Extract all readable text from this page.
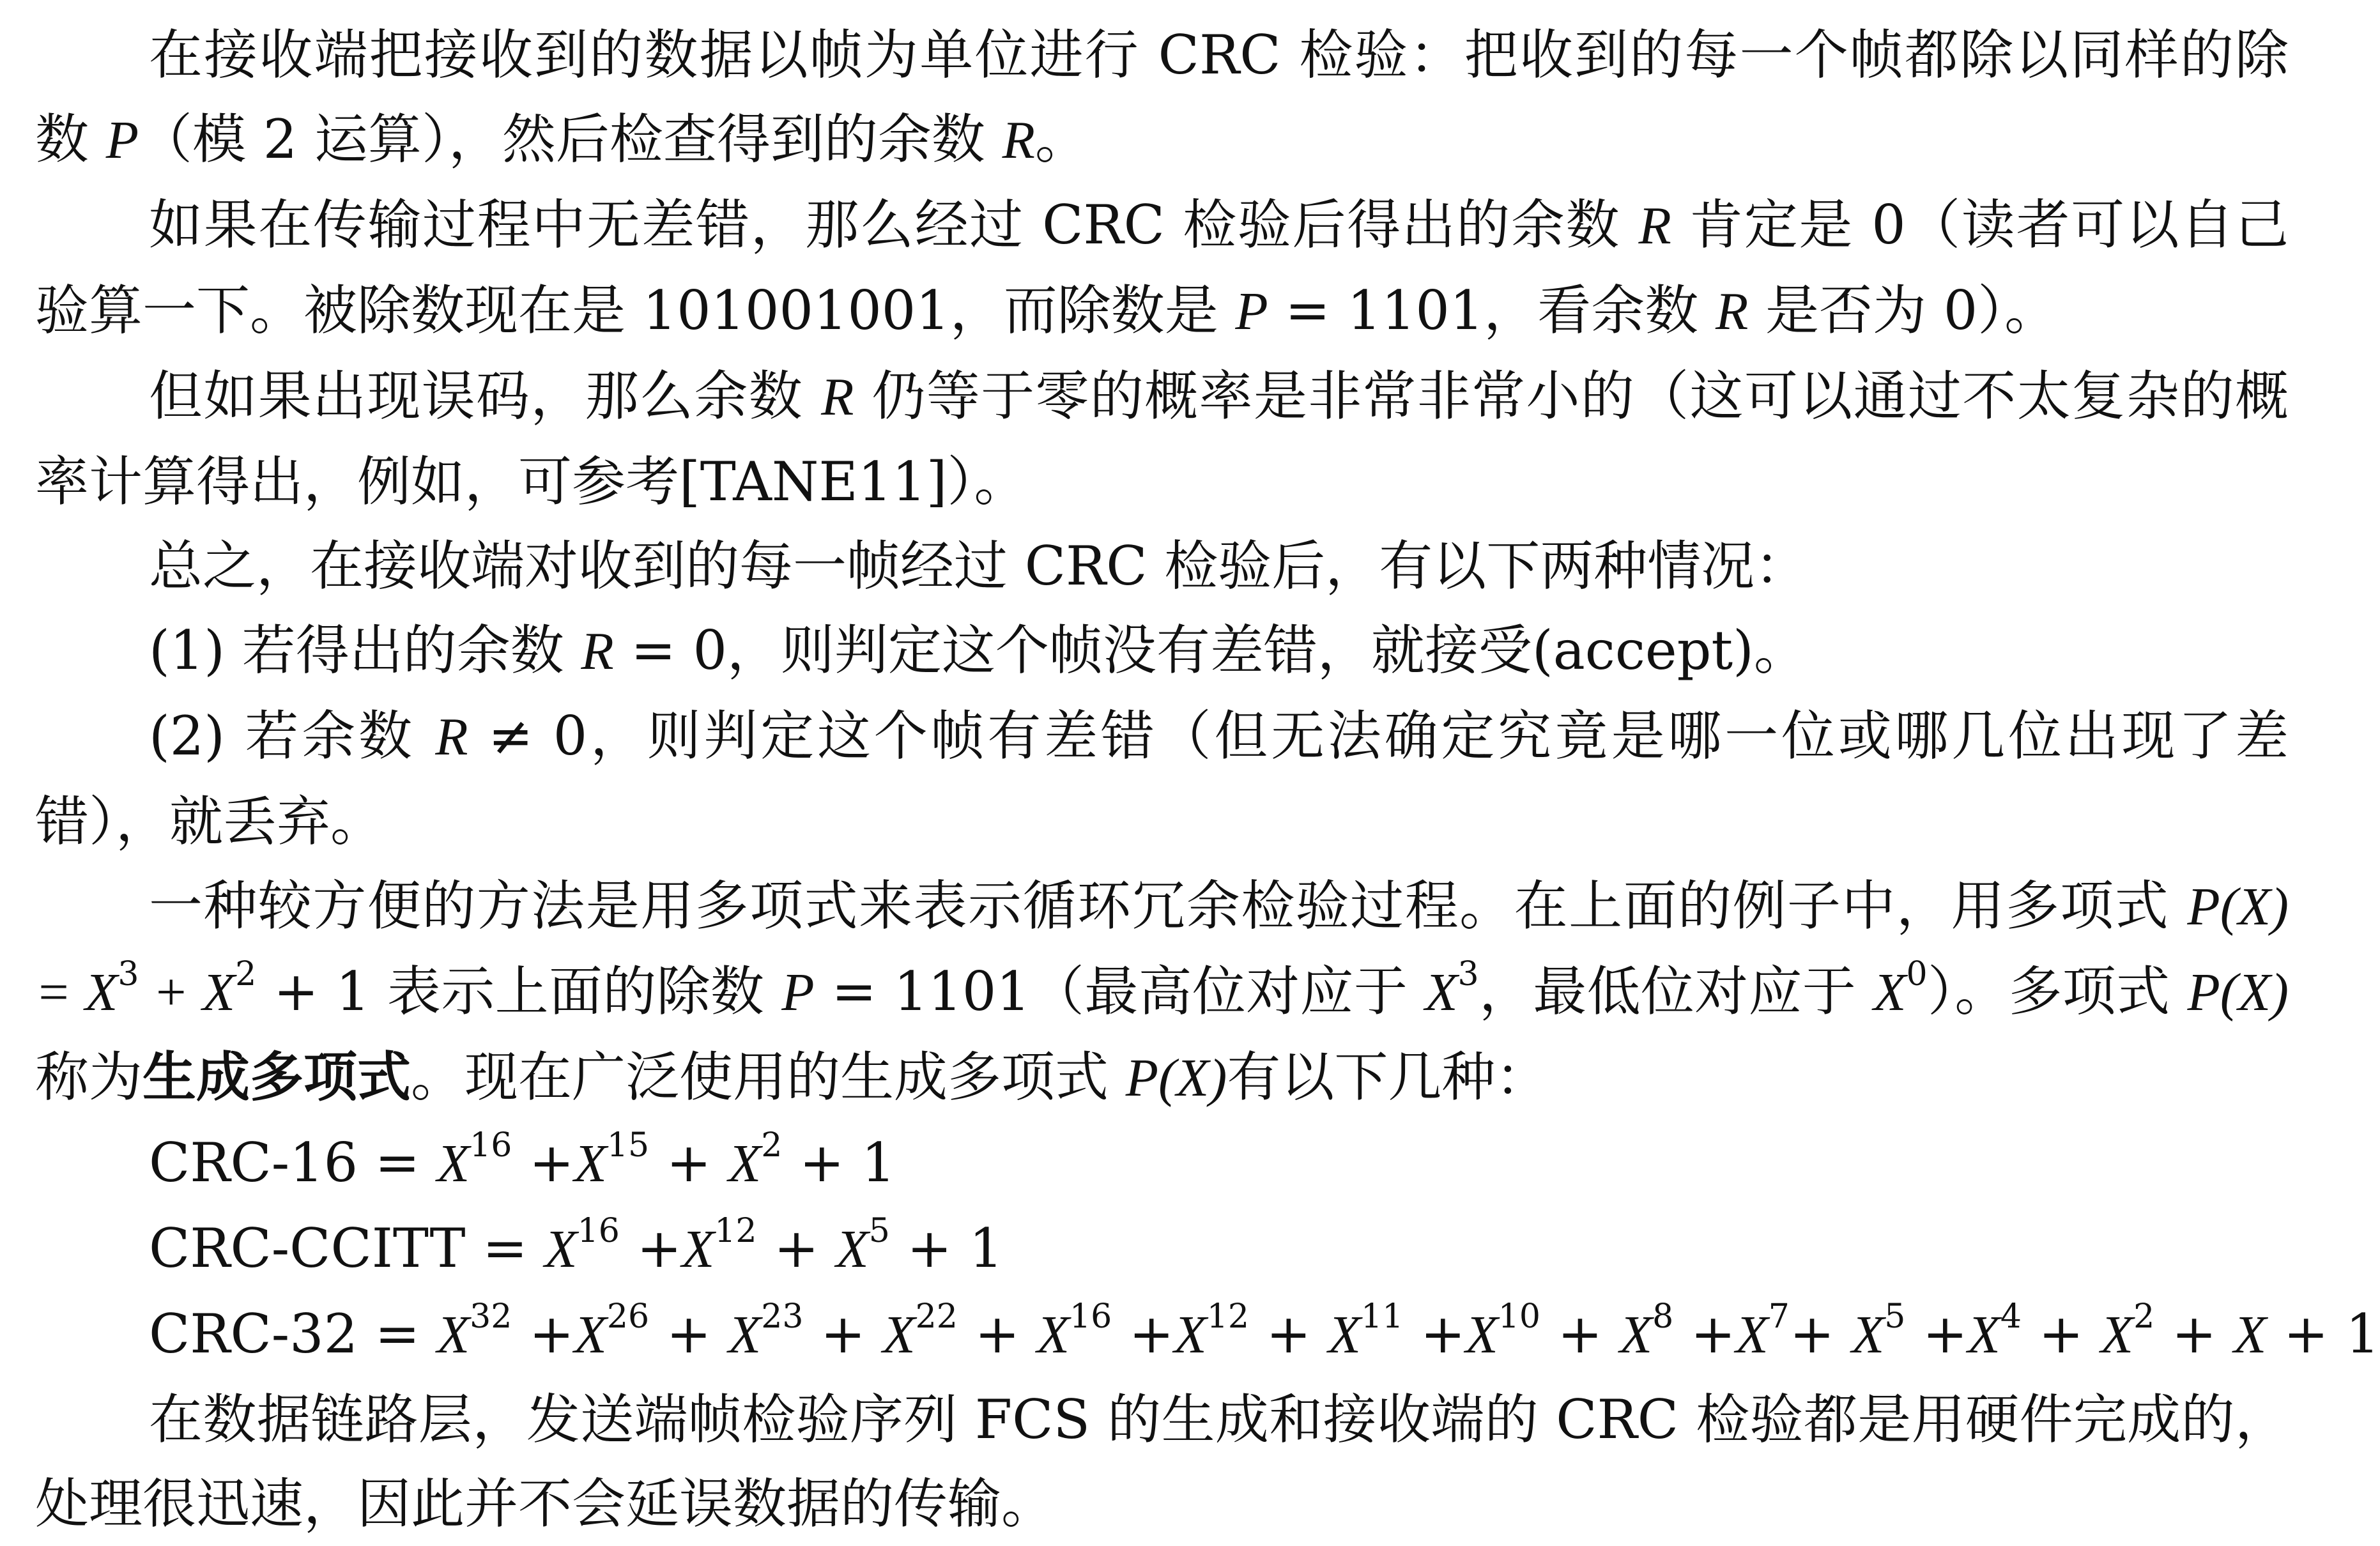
在接收端把接收到的数据以帧为单位进行 CRC 检验：把收到的每一个帧都除以同样的除数 P（模 2 运算），然后检查得到的余数 R。

如果在传输过程中无差错，那么经过 CRC 检验后得出的余数 R 肯定是 0（读者可以自己验算一下。被除数现在是 101001001，而除数是 P = 1101，看余数 R 是否为 0）。

但如果出现误码，那么余数 R 仍等于零的概率是非常非常小的（这可以通过不太复杂的概率计算得出，例如，可参考[TANE11]）。

总之，在接收端对收到的每一帧经过 CRC 检验后，有以下两种情况：

(1) 若得出的余数 R = 0，则判定这个帧没有差错，就接受(accept)。

(2) 若余数 R ≠ 0，则判定这个帧有差错（但无法确定究竟是哪一位或哪几位出现了差错），就丢弃。

一种较方便的方法是用多项式来表示循环冗余检验过程。在上面的例子中，用多项式 $P(X) = X^3 + X^2 + 1$ 表示上面的除数 P = 1101（最高位对应于 $X^3$，最低位对应于 $X^0$）。多项式 P(X)称为生成多项式。现在广泛使用的生成多项式 P(X)有以下几种：

$CRC-16 = X^{16} +X^{15} + X^2 + 1$

CRC-CCITT = $X^{16} +X^{12} + X^5 + 1$

$CRC-32 = X^{32} +X^{26} + X^{23} + X^{22} + X^{16} +X^{12} + X^{11} +X^{10} + X^8 +X^7+ X^5 +X^4 + X^2 + X + 1$

在数据链路层，发送端帧检验序列 FCS 的生成和接收端的 CRC 检验都是用硬件完成的，处理很迅速，因此并不会延误数据的传输。
